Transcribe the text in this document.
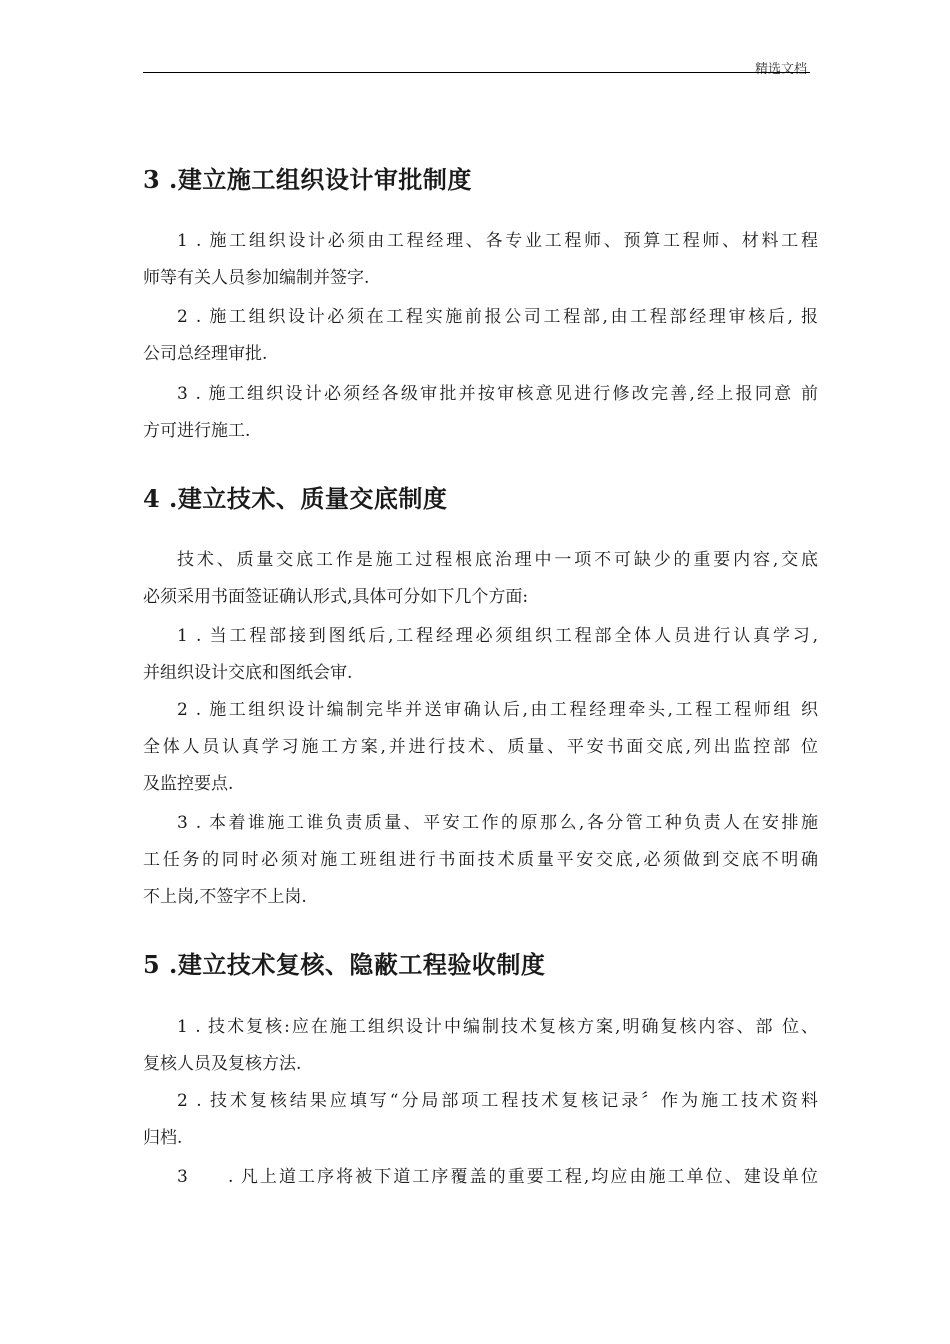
精选文档
3 .建立施工组织设计审批制度
1 . 施工组织设计必须由工程经理、各专业工程师、预算工程师、材料工程
师等有关人员参加编制并签字.
2 . 施工组织设计必须在工程实施前报公司工程部,由工程部经理审核后, 报
公司总经理审批.
3 . 施工组织设计必须经各级审批并按审核意见进行修改完善,经上报同意 前
方可进行施工.
4 .建立技术、质量交底制度
技术、质量交底工作是施工过程根底治理中一项不可缺少的重要内容,交底
必须采用书面签证确认形式,具体可分如下几个方面:
1 . 当工程部接到图纸后,工程经理必须组织工程部全体人员进行认真学习,
并组织设计交底和图纸会审.
2 . 施工组织设计编制完毕并送审确认后,由工程经理牵头,工程工程师组 织
全体人员认真学习施工方案,并进行技术、质量、平安书面交底,列出监控部 位
及监控要点.
3 . 本着谁施工谁负责质量、平安工作的原那么,各分管工种负责人在安排施
工任务的同时必须对施工班组进行书面技术质量平安交底,必须做到交底不明确
不上岗,不签字不上岗.
5 .建立技术复核、隐蔽工程验收制度
1 . 技术复核:应在施工组织设计中编制技术复核方案,明确复核内容、部 位、
复核人员及复核方法.
2 . 技术复核结果应填写“分局部项工程技术复核记录〞作为施工技术资料
归档.
3　　. 凡上道工序将被下道工序覆盖的重要工程,均应由施工单位、建设单位
